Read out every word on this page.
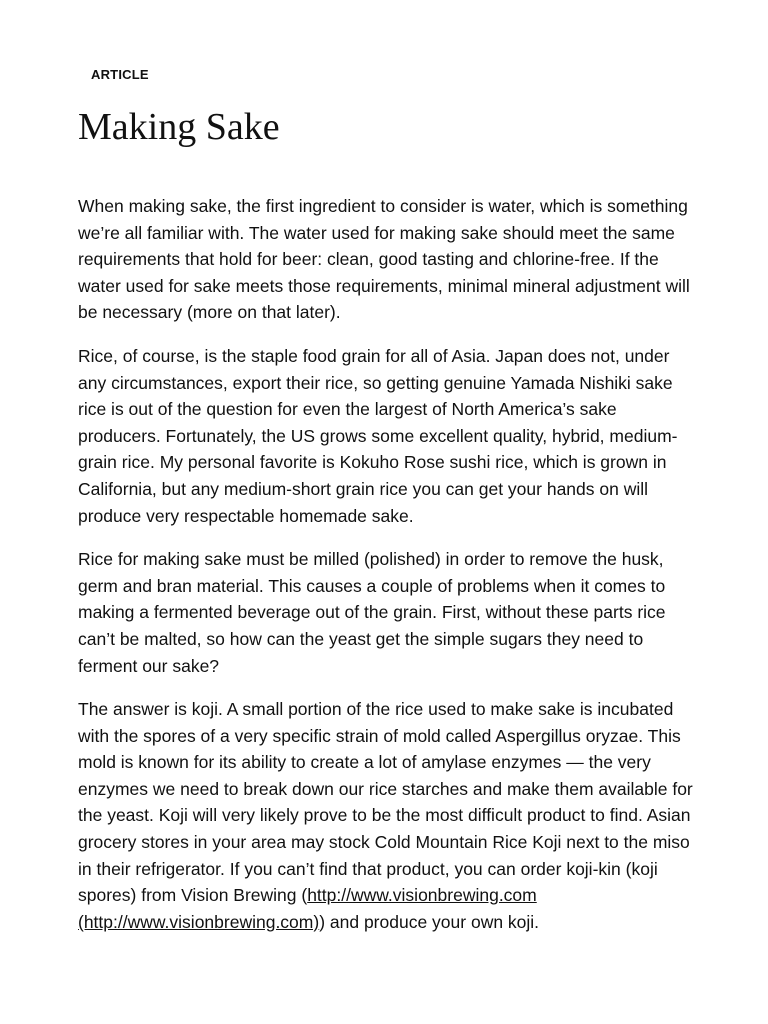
ARTICLE

Making Sake

When making sake, the first ingredient to consider is water, which is something we’re all familiar with. The water used for making sake should meet the same requirements that hold for beer: clean, good tasting and chlorine-free. If the water used for sake meets those requirements, minimal mineral adjustment will be necessary (more on that later).

Rice, of course, is the staple food grain for all of Asia. Japan does not, under any circumstances, export their rice, so getting genuine Yamada Nishiki sake rice is out of the question for even the largest of North America’s sake producers. Fortunately, the US grows some excellent quality, hybrid, medium-grain rice. My personal favorite is Kokuho Rose sushi rice, which is grown in California, but any medium-short grain rice you can get your hands on will produce very respectable homemade sake.

Rice for making sake must be milled (polished) in order to remove the husk, germ and bran material. This causes a couple of problems when it comes to making a fermented beverage out of the grain. First, without these parts rice can’t be malted, so how can the yeast get the simple sugars they need to ferment our sake?

The answer is koji. A small portion of the rice used to make sake is incubated with the spores of a very specific strain of mold called Aspergillus oryzae. This mold is known for its ability to create a lot of amylase enzymes — the very enzymes we need to break down our rice starches and make them available for the yeast. Koji will very likely prove to be the most difficult product to find. Asian grocery stores in your area may stock Cold Mountain Rice Koji next to the miso in their refrigerator. If you can’t find that product, you can order koji-kin (koji spores) from Vision Brewing (http://www.visionbrewing.com (http://www.visionbrewing.com)) and produce your own koji.
